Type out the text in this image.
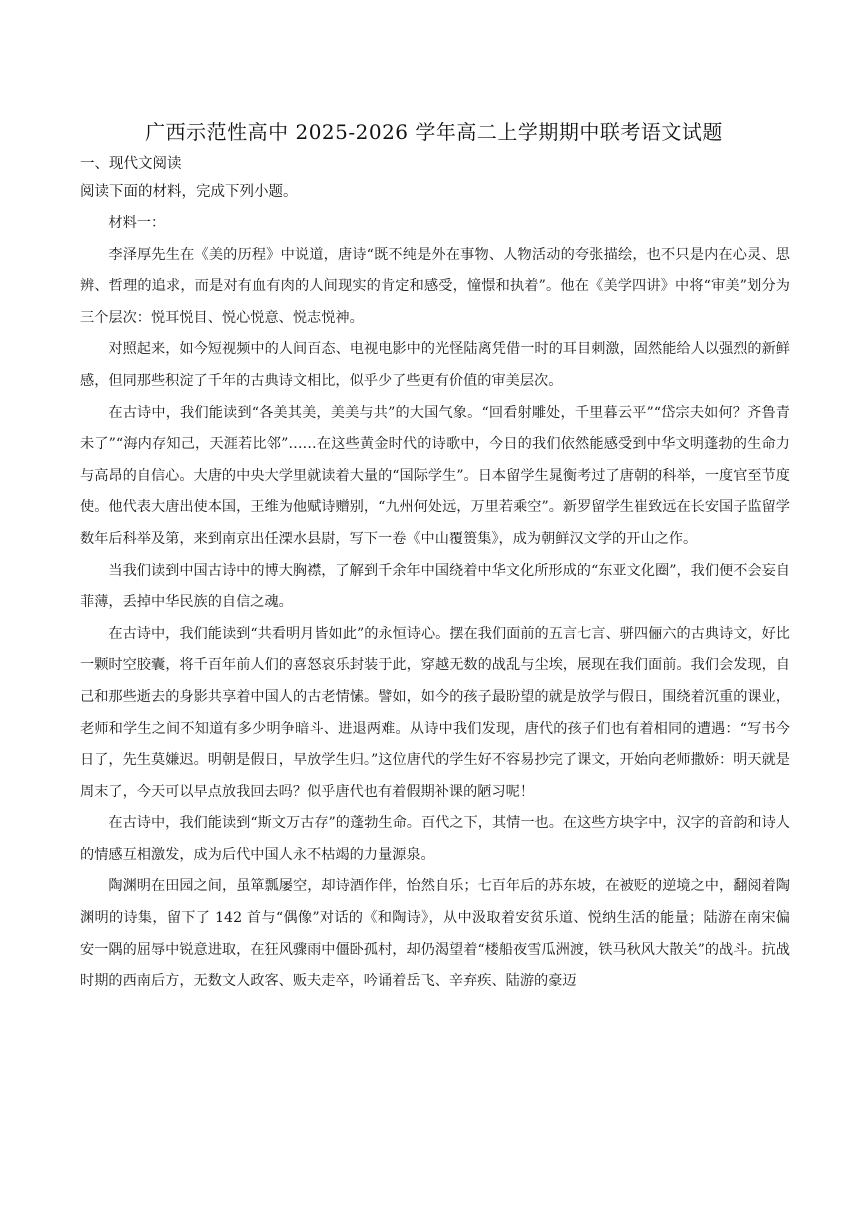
广西示范性高中 2025-2026 学年高二上学期期中联考语文试题
一、现代文阅读
阅读下面的材料，完成下列小题。

材料一：

李泽厚先生在《美的历程》中说道，唐诗“既不纯是外在事物、人物活动的夸张描绘，也不只是内在心灵、思辨、哲理的追求，而是对有血有肉的人间现实的肯定和感受，憧憬和执着”。他在《美学四讲》中将“审美”划分为三个层次：悦耳悦目、悦心悦意、悦志悦神。

对照起来，如今短视频中的人间百态、电视电影中的光怪陆离凭借一时的耳目刺激，固然能给人以强烈的新鲜感，但同那些积淀了千年的古典诗文相比，似乎少了些更有价值的审美层次。

在古诗中，我们能读到“各美其美，美美与共”的大国气象。“回看射雕处，千里暮云平”“岱宗夫如何？齐鲁青未了”“海内存知己，天涯若比邻”……在这些黄金时代的诗歌中，今日的我们依然能感受到中华文明蓬勃的生命力与高昂的自信心。大唐的中央大学里就读着大量的“国际学生”。日本留学生晁衡考过了唐朝的科举，一度官至节度使。他代表大唐出使本国，王维为他赋诗赠别，“九州何处远，万里若乘空”。新罗留学生崔致远在长安国子监留学数年后科举及第，来到南京出任溧水县尉，写下一卷《中山覆篑集》，成为朝鲜汉文学的开山之作。

当我们读到中国古诗中的博大胸襟，了解到千余年中国绕着中华文化所形成的“东亚文化圈”，我们便不会妄自菲薄，丢掉中华民族的自信之魂。

在古诗中，我们能读到“共看明月皆如此”的永恒诗心。摆在我们面前的五言七言、骈四俪六的古典诗文，好比一颗时空胶囊，将千百年前人们的喜怒哀乐封装于此，穿越无数的战乱与尘埃，展现在我们面前。我们会发现，自己和那些逝去的身影共享着中国人的古老情愫。譬如，如今的孩子最盼望的就是放学与假日，围绕着沉重的课业，老师和学生之间不知道有多少明争暗斗、进退两难。从诗中我们发现，唐代的孩子们也有着相同的遭遇：“写书今日了，先生莫嫌迟。明朝是假日，早放学生归。”这位唐代的学生好不容易抄完了课文，开始向老师撒娇：明天就是周末了，今天可以早点放我回去吗？似乎唐代也有着假期补课的陋习呢！

在古诗中，我们能读到“斯文万古存”的蓬勃生命。百代之下，其情一也。在这些方块字中，汉字的音韵和诗人的情感互相激发，成为后代中国人永不枯竭的力量源泉。

陶渊明在田园之间，虽箪瓢屡空，却诗酒作伴，怡然自乐；七百年后的苏东坡，在被贬的逆境之中，翻阅着陶渊明的诗集，留下了 142 首与“偶像”对话的《和陶诗》，从中汲取着安贫乐道、悦纳生活的能量；陆游在南宋偏安一隅的屈辱中锐意进取，在狂风骤雨中僵卧孤村，却仍渴望着“楼船夜雪瓜洲渡，铁马秋风大散关”的战斗。抗战时期的西南后方，无数文人政客、贩夫走卒，吟诵着岳飞、辛弃疾、陆游的豪迈
